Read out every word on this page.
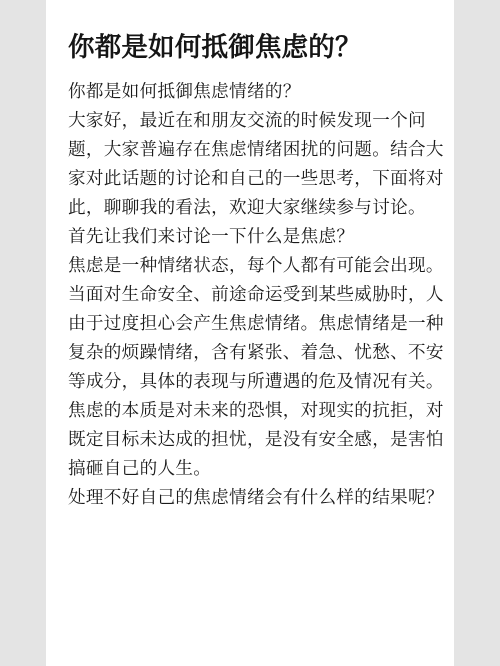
你都是如何抵御焦虑的？

你都是如何抵御焦虑情绪的？

大家好，最近在和朋友交流的时候发现一个问题，大家普遍存在焦虑情绪困扰的问题。结合大家对此话题的讨论和自己的一些思考，下面将对此，聊聊我的看法，欢迎大家继续参与讨论。

首先让我们来讨论一下什么是焦虑？

焦虑是一种情绪状态，每个人都有可能会出现。当面对生命安全、前途命运受到某些威胁时，人由于过度担心会产生焦虑情绪。焦虑情绪是一种复杂的烦躁情绪，含有紧张、着急、忧愁、不安等成分，具体的表现与所遭遇的危及情况有关。

焦虑的本质是对未来的恐惧，对现实的抗拒，对既定目标未达成的担忧，是没有安全感，是害怕搞砸自己的人生。

处理不好自己的焦虑情绪会有什么样的结果呢？
